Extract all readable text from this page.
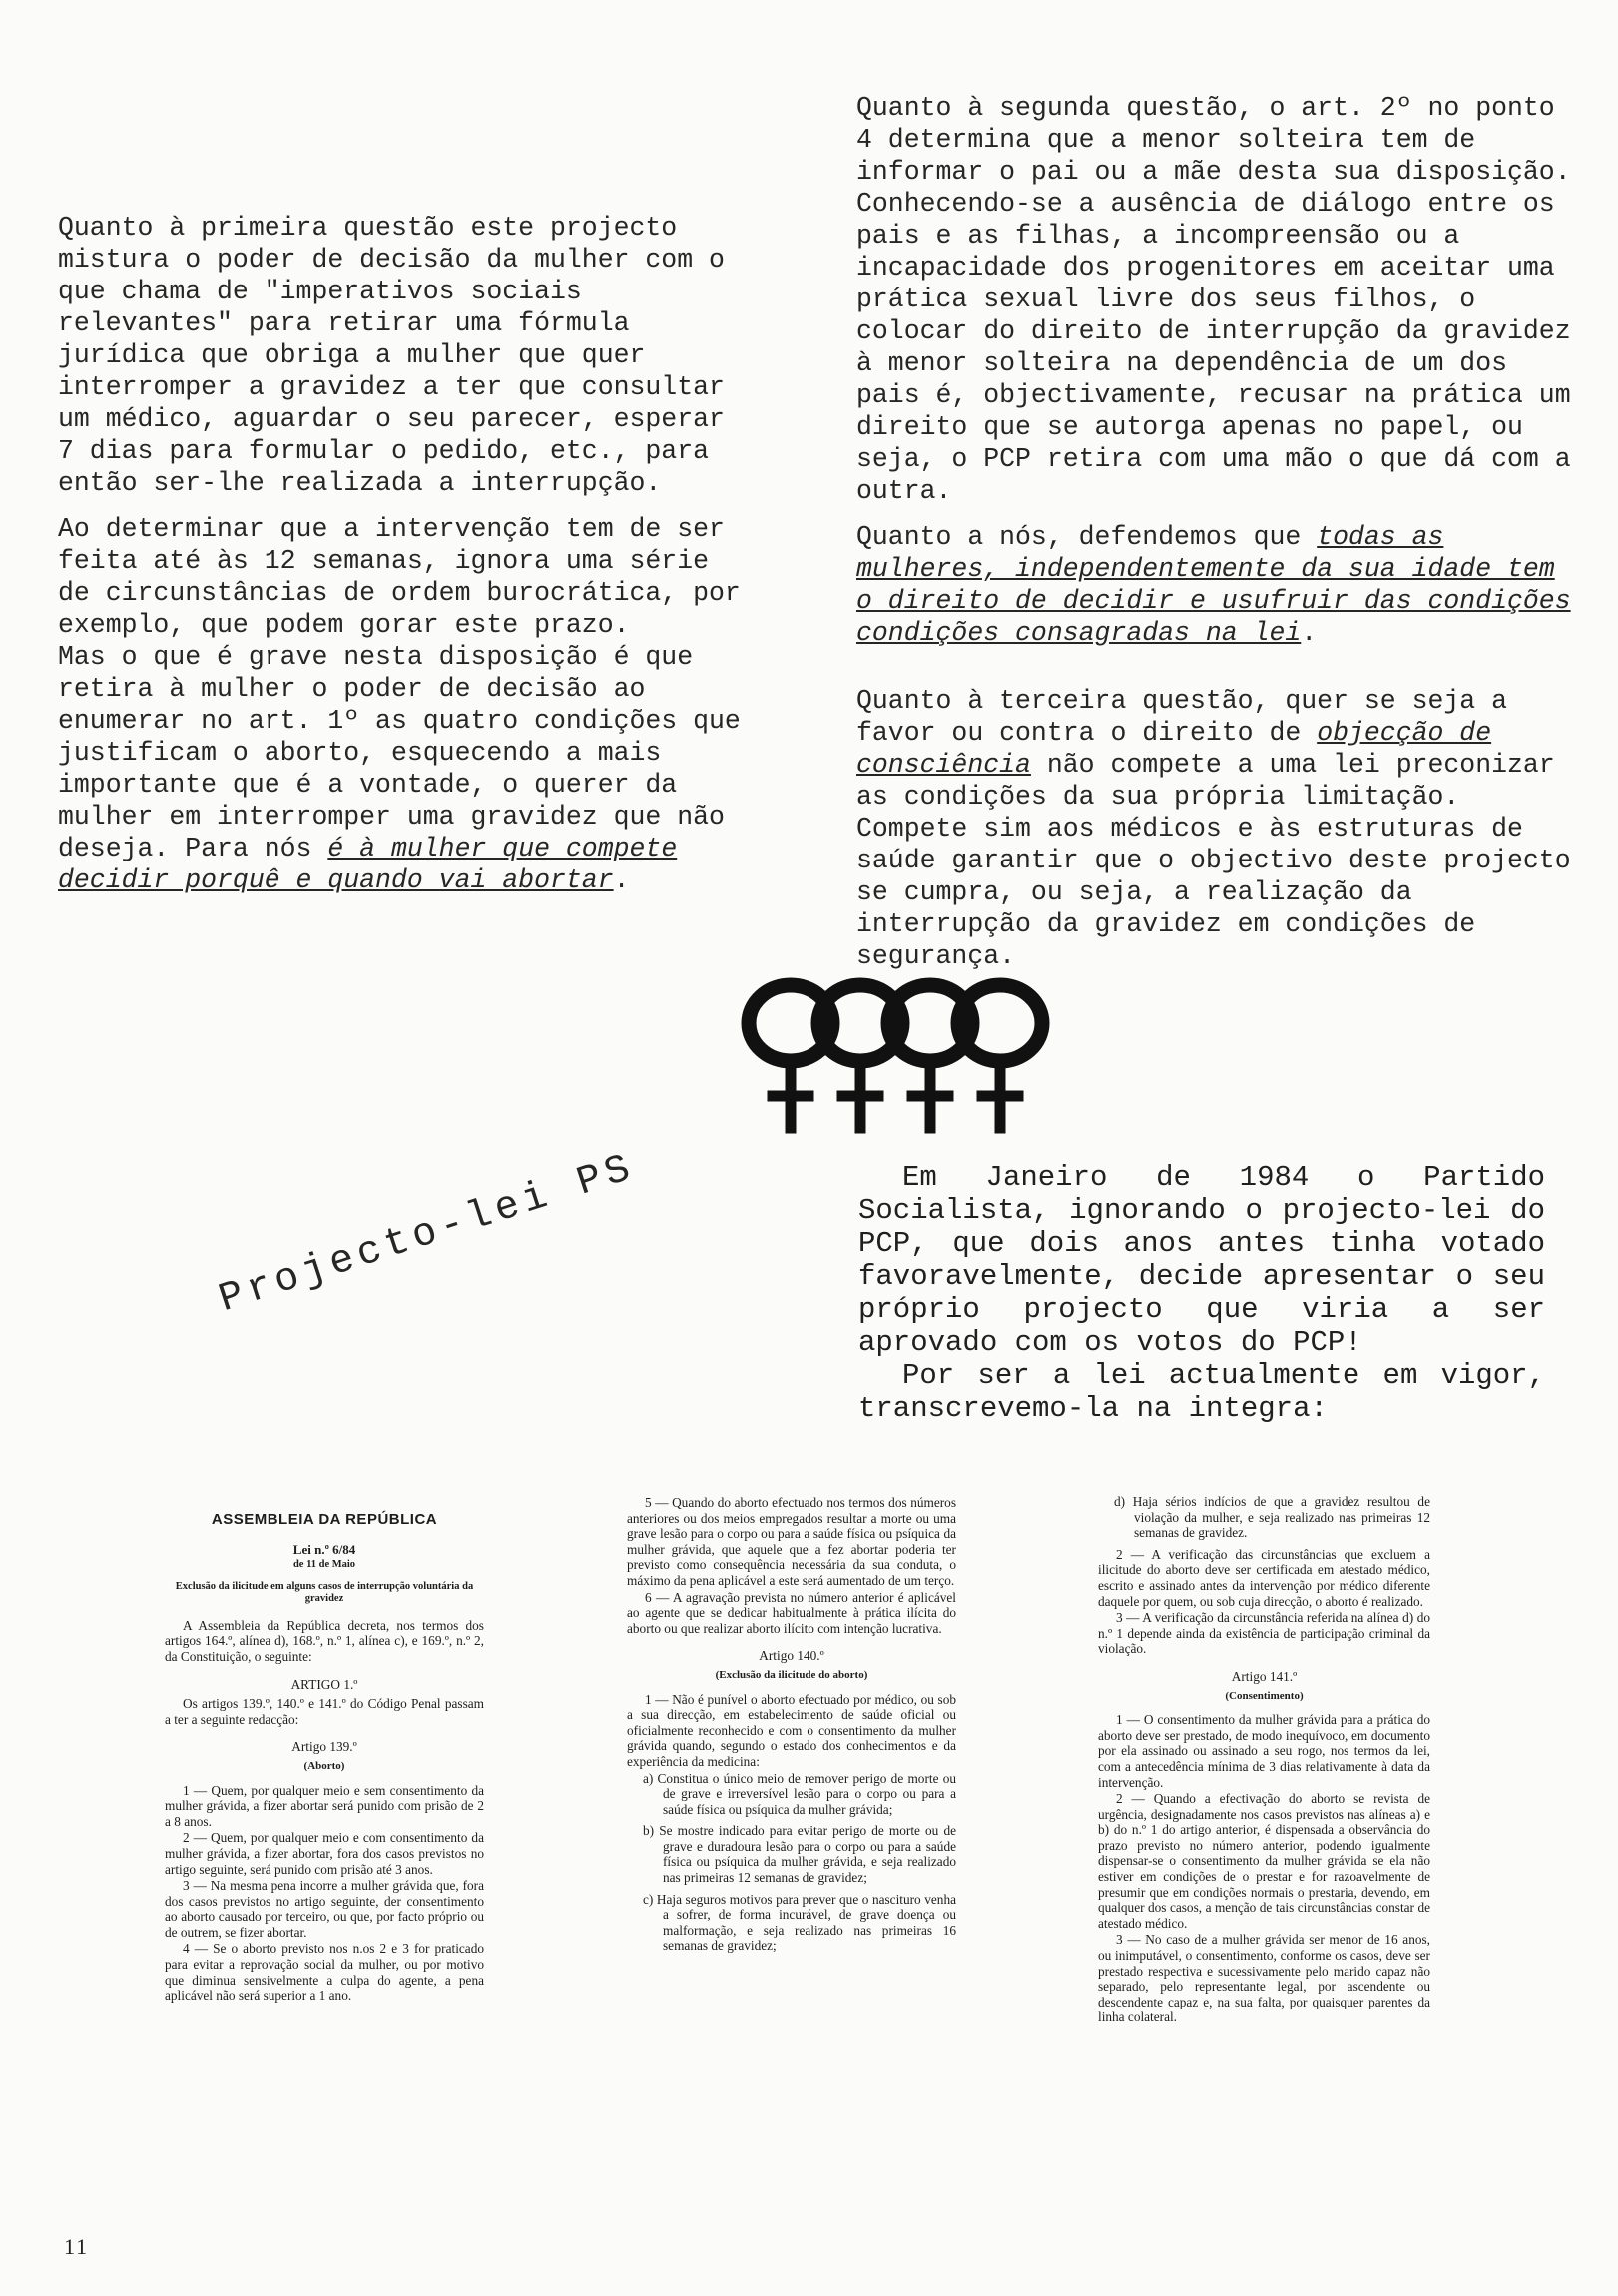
Quanto à primeira questão este projecto mistura o poder de decisão da mulher com o que chama de "imperativos sociais relevantes" para retirar uma fórmula jurídica que obriga a mulher que quer interromper a gravidez a ter que consultar um médico, aguardar o seu parecer, esperar 7 dias para formular o pedido, etc., para então ser-lhe realizada a interrupção.

Ao determinar que a intervenção tem de ser feita até às 12 semanas, ignora uma série de circunstâncias de ordem burocrática, por exemplo, que podem gorar este prazo.

Mas o que é grave nesta disposição é que retira à mulher o poder de decisão ao enumerar no art. 1º as quatro condições que justificam o aborto, esquecendo a mais importante que é a vontade, o querer da mulher em interromper uma gravidez que não deseja. Para nós é à mulher que compete decidir porquê e quando vai abortar.

Quanto à segunda questão, o art. 2º no ponto 4 determina que a menor solteira tem de informar o pai ou a mãe desta sua disposição. Conhecendo-se a ausência de diálogo entre os pais e as filhas, a incompreensão ou a incapacidade dos progenitores em aceitar uma prática sexual livre dos seus filhos, o colocar do direito de interrupção da gravidez à menor solteira na dependência de um dos pais é, objectivamente, recusar na prática um direito que se autorga apenas no papel, ou seja, o PCP retira com uma mão o que dá com a outra.

Quanto a nós, defendemos que todas as mulheres, independentemente da sua idade tem o direito de decidir e usufruir das condições condições consagradas na lei.

Quanto à terceira questão, quer se seja a favor ou contra o direito de objecção de consciência não compete a uma lei preconizar as condições da sua própria limitação. Compete sim aos médicos e às estruturas de saúde garantir que o objectivo deste projecto se cumpra, ou seja, a realização da interrupção da gravidez em condições de segurança.

Projecto-lei PS	Em Janeiro de 1984 o Partido Socialista, ignorando o projecto-lei do PCP, que dois anos antes tinha votado favoravelmente, decide apresentar o seu próprio projecto que viria a ser aprovado com os votos do PCP!

Por ser a lei actualmente em vigor, transcrevemo-la na integra:

ASSEMBLEIA DA REPÚBLICA

Lei n.º 6/84

de 11 de Maio

Exclusão da ilicitude em alguns casos de interrupção voluntária da gravidez

A Assembleia da República decreta, nos termos dos artigos 164.º, alínea d), 168.º, n.º 1, alínea c), e 169.º, n.º 2, da Constituição, o seguinte:

ARTIGO 1.º

Os artigos 139.º, 140.º e 141.º do Código Penal passam a ter a seguinte redacção:

Artigo 139.º

(Aborto)

1 — Quem, por qualquer meio e sem consentimento da mulher grávida, a fizer abortar será punido com prisão de 2 a 8 anos.

2 — Quem, por qualquer meio e com consentimento da mulher grávida, a fizer abortar, fora dos casos previstos no artigo seguinte, será punido com prisão até 3 anos.

3 — Na mesma pena incorre a mulher grávida que, fora dos casos previstos no artigo seguinte, der consentimento ao aborto causado por terceiro, ou que, por facto próprio ou de outrem, se fizer abortar.

4 — Se o aborto previsto nos n.os 2 e 3 for praticado para evitar a reprovação social da mulher, ou por motivo que diminua sensivelmente a culpa do agente, a pena aplicável não será superior a 1 ano.

5 — Quando do aborto efectuado nos termos dos números anteriores ou dos meios empregados resultar a morte ou uma grave lesão para o corpo ou para a saúde física ou psíquica da mulher grávida, que aquele que a fez abortar poderia ter previsto como consequência necessária da sua conduta, o máximo da pena aplicável a este será aumentado de um terço.

6 — A agravação prevista no número anterior é aplicável ao agente que se dedicar habitualmente à prática ilícita do aborto ou que realizar aborto ilícito com intenção lucrativa.

Artigo 140.º

(Exclusão da ilicitude do aborto)

1 — Não é punível o aborto efectuado por médico, ou sob a sua direcção, em estabelecimento de saúde oficial ou oficialmente reconhecido e com o consentimento da mulher grávida quando, segundo o estado dos conhecimentos e da experiência da medicina:

a) Constitua o único meio de remover perigo de morte ou de grave e irreversível lesão para o corpo ou para a saúde física ou psíquica da mulher grávida;

b) Se mostre indicado para evitar perigo de morte ou de grave e duradoura lesão para o corpo ou para a saúde física ou psíquica da mulher grávida, e seja realizado nas primeiras 12 semanas de gravidez;

c) Haja seguros motivos para prever que o nascituro venha a sofrer, de forma incurável, de grave doença ou malformação, e seja realizado nas primeiras 16 semanas de gravidez;

d) Haja sérios indícios de que a gravidez resultou de violação da mulher, e seja realizado nas primeiras 12 semanas de gravidez.

2 — A verificação das circunstâncias que excluem a ilicitude do aborto deve ser certificada em atestado médico, escrito e assinado antes da intervenção por médico diferente daquele por quem, ou sob cuja direcção, o aborto é realizado.

3 — A verificação da circunstância referida na alínea d) do n.º 1 depende ainda da existência de participação criminal da violação.

Artigo 141.º

(Consentimento)

1 — O consentimento da mulher grávida para a prática do aborto deve ser prestado, de modo inequívoco, em documento por ela assinado ou assinado a seu rogo, nos termos da lei, com a antecedência mínima de 3 dias relativamente à data da intervenção.

2 — Quando a efectivação do aborto se revista de urgência, designadamente nos casos previstos nas alíneas a) e b) do n.º 1 do artigo anterior, é dispensada a observância do prazo previsto no número anterior, podendo igualmente dispensar-se o consentimento da mulher grávida se ela não estiver em condições de o prestar e for razoavelmente de presumir que em condições normais o prestaria, devendo, em qualquer dos casos, a menção de tais circunstâncias constar de atestado médico.

3 — No caso de a mulher grávida ser menor de 16 anos, ou inimputável, o consentimento, conforme os casos, deve ser prestado respectiva e sucessivamente pelo marido capaz não separado, pelo representante legal, por ascendente ou descendente capaz e, na sua falta, por quaisquer parentes da linha colateral.

11
